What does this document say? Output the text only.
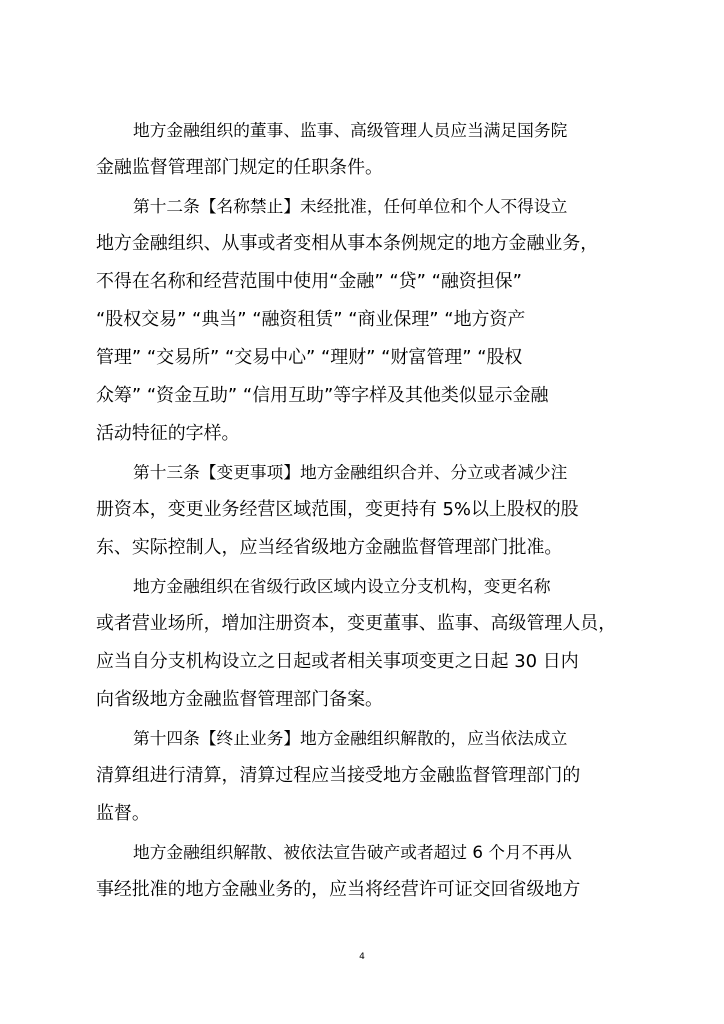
地方金融组织的董事、监事、高级管理人员应当满足国务院
金融监督管理部门规定的任职条件。
第十二条【名称禁止】未经批准，任何单位和个人不得设立
地方金融组织、从事或者变相从事本条例规定的地方金融业务，
不得在名称和经营范围中使用“金融” “贷” “融资担保”
“股权交易” “典当” “融资租赁” “商业保理” “地方资产
管理” “交易所” “交易中心” “理财” “财富管理” “股权
众筹” “资金互助” “信用互助”等字样及其他类似显示金融
活动特征的字样。
第十三条【变更事项】地方金融组织合并、分立或者减少注
册资本，变更业务经营区域范围，变更持有 5%以上股权的股
东、实际控制人，应当经省级地方金融监督管理部门批准。
地方金融组织在省级行政区域内设立分支机构，变更名称
或者营业场所，增加注册资本，变更董事、监事、高级管理人员，
应当自分支机构设立之日起或者相关事项变更之日起 30 日内
向省级地方金融监督管理部门备案。
第十四条【终止业务】地方金融组织解散的，应当依法成立
清算组进行清算，清算过程应当接受地方金融监督管理部门的
监督。
地方金融组织解散、被依法宣告破产或者超过 6 个月不再从
事经批准的地方金融业务的，应当将经营许可证交回省级地方
4
